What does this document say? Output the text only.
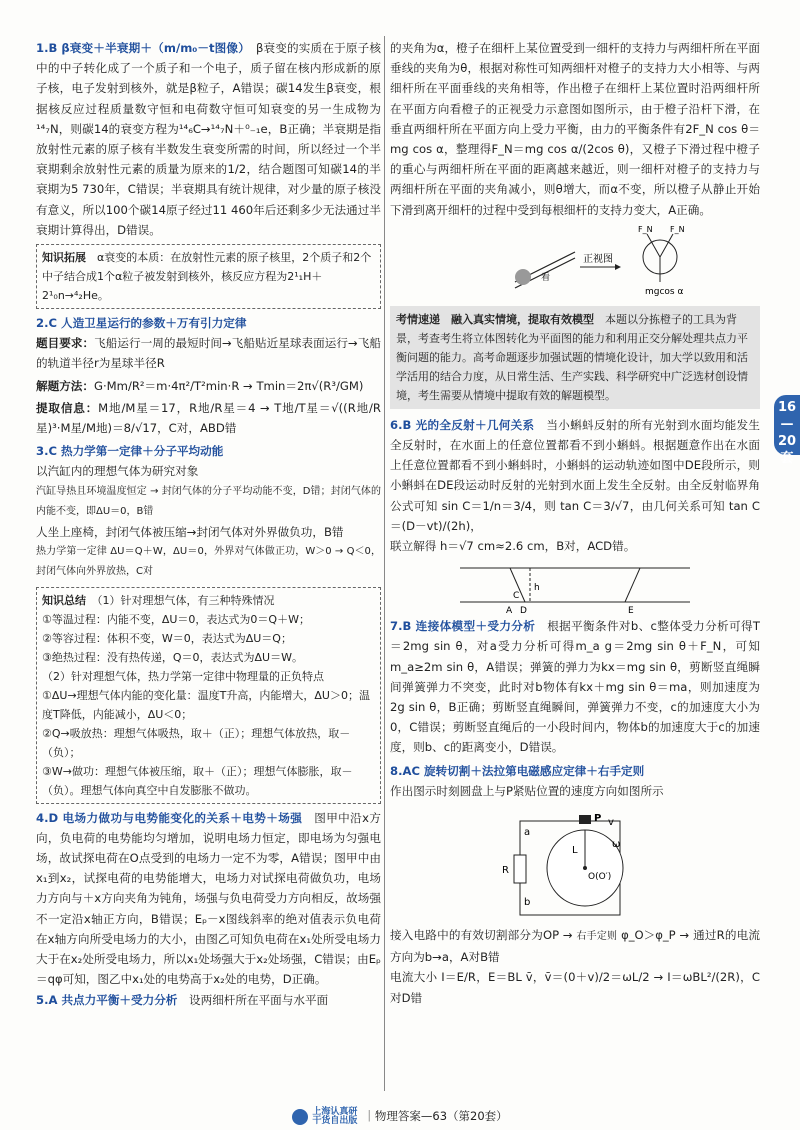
16—20套

1.B β衰变＋半衰期＋（m/m₀－t图像）　 β衰变的实质在于原子核中的中子转化成了一个质子和一个电子，质子留在核内形成新的原子核，电子发射到核外，就是β粒子，A错误；碳14发生β衰变，根据核反应过程质量数守恒和电荷数守恒可知衰变的另一生成物为¹⁴₇N，则碳14的衰变方程为¹⁴₆C→¹⁴₇N＋⁰₋₁e，B正确；半衰期是指放射性元素的原子核有半数发生衰变所需的时间，所以经过一个半衰期剩余放射性元素的质量为原来的1/2，结合题图可知碳14的半衰期为5 730年，C错误；半衰期具有统计规律，对少量的原子核没有意义，所以100个碳14原子经过11 460年后还剩多少无法通过半衰期计算得出，D错误。

知识拓展　 α衰变的本质：在放射性元素的原子核里，2个质子和2个中子结合成1个α粒子被发射到核外，核反应方程为2¹₁H＋2¹₀n→⁴₂He。

2.C 人造卫星运行的参数＋万有引力定律

题目要求：飞船运行一周的最短时间→飞船贴近星球表面运行→飞船的轨道半径r为星球半径R

解题方法：G·Mm/R²＝m·4π²/T²min·R → Tmin＝2π√(R³/GM)

提取信息：M地/M星＝17，R地/R星＝4 → T地/T星＝√((R地/R星)³·M星/M地)＝8/√17，C对，ABD错

3.C 热力学第一定律＋分子平均动能

以汽缸内的理想气体为研究对象

汽缸导热且环境温度恒定 → 封闭气体的分子平均动能不变，D错；封闭气体的内能不变，即ΔU＝0，B错

人坐上座椅，封闭气体被压缩→封闭气体对外界做负功，B错

热力学第一定律 ΔU＝Q＋W，ΔU＝0，外界对气体做正功，W＞0 → Q＜0，封闭气体向外界放热，C对

知识总结　 （1）针对理想气体，有三种特殊情况
①等温过程：内能不变，ΔU＝0，表达式为0＝Q＋W；
②等容过程：体积不变，W＝0，表达式为ΔU＝Q；
③绝热过程：没有热传递，Q＝0，表达式为ΔU＝W。
（2）针对理想气体，热力学第一定律中物理量的正负特点
①ΔU→理想气体内能的变化量：温度T升高，内能增大，ΔU＞0；温度T降低，内能减小，ΔU＜0；
②Q→吸放热：理想气体吸热，取＋（正）；理想气体放热，取－（负）；
③W→做功：理想气体被压缩，取＋（正）；理想气体膨胀，取－（负）。理想气体向真空中自发膨胀不做功。

4.D 电场力做功与电势能变化的关系＋电势＋场强　 图甲中沿x方向，负电荷的电势能均匀增加，说明电场力恒定，即电场为匀强电场，故试探电荷在O点受到的电场力一定不为零，A错误；图甲中由x₁到x₂，试探电荷的电势能增大，电场力对试探电荷做负功，电场力方向与＋x方向夹角为钝角，场强与负电荷受力方向相反，故场强不一定沿x轴正方向，B错误；Eₚ－x图线斜率的绝对值表示负电荷在x轴方向所受电场力的大小，由图乙可知负电荷在x₁处所受电场力大于在x₂处所受电场力，所以x₁处场强大于x₂处场强，C错误；由Eₚ＝qφ可知，图乙中x₁处的电势高于x₂处的电势，D正确。

5.A 共点力平衡＋受力分析　 设两细杆所在平面与水平面

的夹角为α，橙子在细杆上某位置受到一细杆的支持力与两细杆所在平面垂线的夹角为θ，根据对称性可知两细杆对橙子的支持力大小相等、与两细杆所在平面垂线的夹角相等，作出橙子在细杆上某位置时沿两细杆所在平面方向看橙子的正视受力示意图如图所示，由于橙子沿杆下滑，在垂直两细杆所在平面方向上受力平衡，由力的平衡条件有2F_N cos θ＝mg cos α，整理得F_N＝mg cos α/(2cos θ)，又橙子下滑过程中橙子的重心与两细杆所在平面的距离越来越近，则一细杆对橙子的支持力与两细杆所在平面的夹角减小，则θ增大，而α不变，所以橙子从静止开始下滑到离开细杆的过程中受到每根细杆的支持力变大，A正确。

看
正视图
F_N F_N
mgcos α
考情速递　 融入真实情境，提取有效模型　 本题以分拣橙子的工具为背景，考查考生将立体图转化为平面图的能力和利用正交分解处理共点力平衡问题的能力。高考命题逐步加强试题的情境化设计，加大学以致用和活学活用的结合力度，从日常生活、生产实践、科学研究中广泛选材创设情境，考生需要从情境中提取有效的解题模型。

6.B 光的全反射＋几何关系　 当小蝌蚪反射的所有光射到水面均能发生全反射时，在水面上的任意位置都看不到小蝌蚪。根据题意作出在水面上任意位置都看不到小蝌蚪时，小蝌蚪的运动轨迹如图中DE段所示，则小蝌蚪在DE段运动时反射的光射到水面上发生全反射。由全反射临界角公式可知 sin C＝1/n＝3/4，则 tan C＝3/√7，由几何关系可知 tan C＝(D－vt)/(2h)，

联立解得 h＝√7 cm≈2.6 cm，B对，ACD错。

C
A
h
D	E

7.B 连接体模型＋受力分析　 根据平衡条件对b、c整体受力分析可得T＝2mg sin θ，对a受力分析可得m_a g＝2mg sin θ＋F_N，可知m_a≥2m sin θ，A错误；弹簧的弹力为kx＝mg sin θ，剪断竖直绳瞬间弹簧弹力不突变，此时对b物体有kx＋mg sin θ＝ma，则加速度为2g sin θ，B正确；剪断竖直绳瞬间，弹簧弹力不变，c的加速度大小为0，C错误；剪断竖直绳后的一小段时间内，物体b的加速度大于c的加速度，则b、c的距离变小，D错误。

8.AC 旋转切割＋法拉第电磁感应定律＋右手定则

作出图示时刻圆盘上与P紧贴位置的速度方向如图所示

a
b
R
P
L
O(O′)
v
ω

接入电路中的有效切割部分为OP → 右手定则 φ_O＞φ_P → 通过R的电流方向为b→a，A对B错

电流大小 I＝E/R，E＝BL v̄，v̄＝(0＋v)/2＝ωL/2 → I＝ωBL²/(2R)，C对D错

上海认真研
干货自出版 ｜物理答案—63（第20套）
